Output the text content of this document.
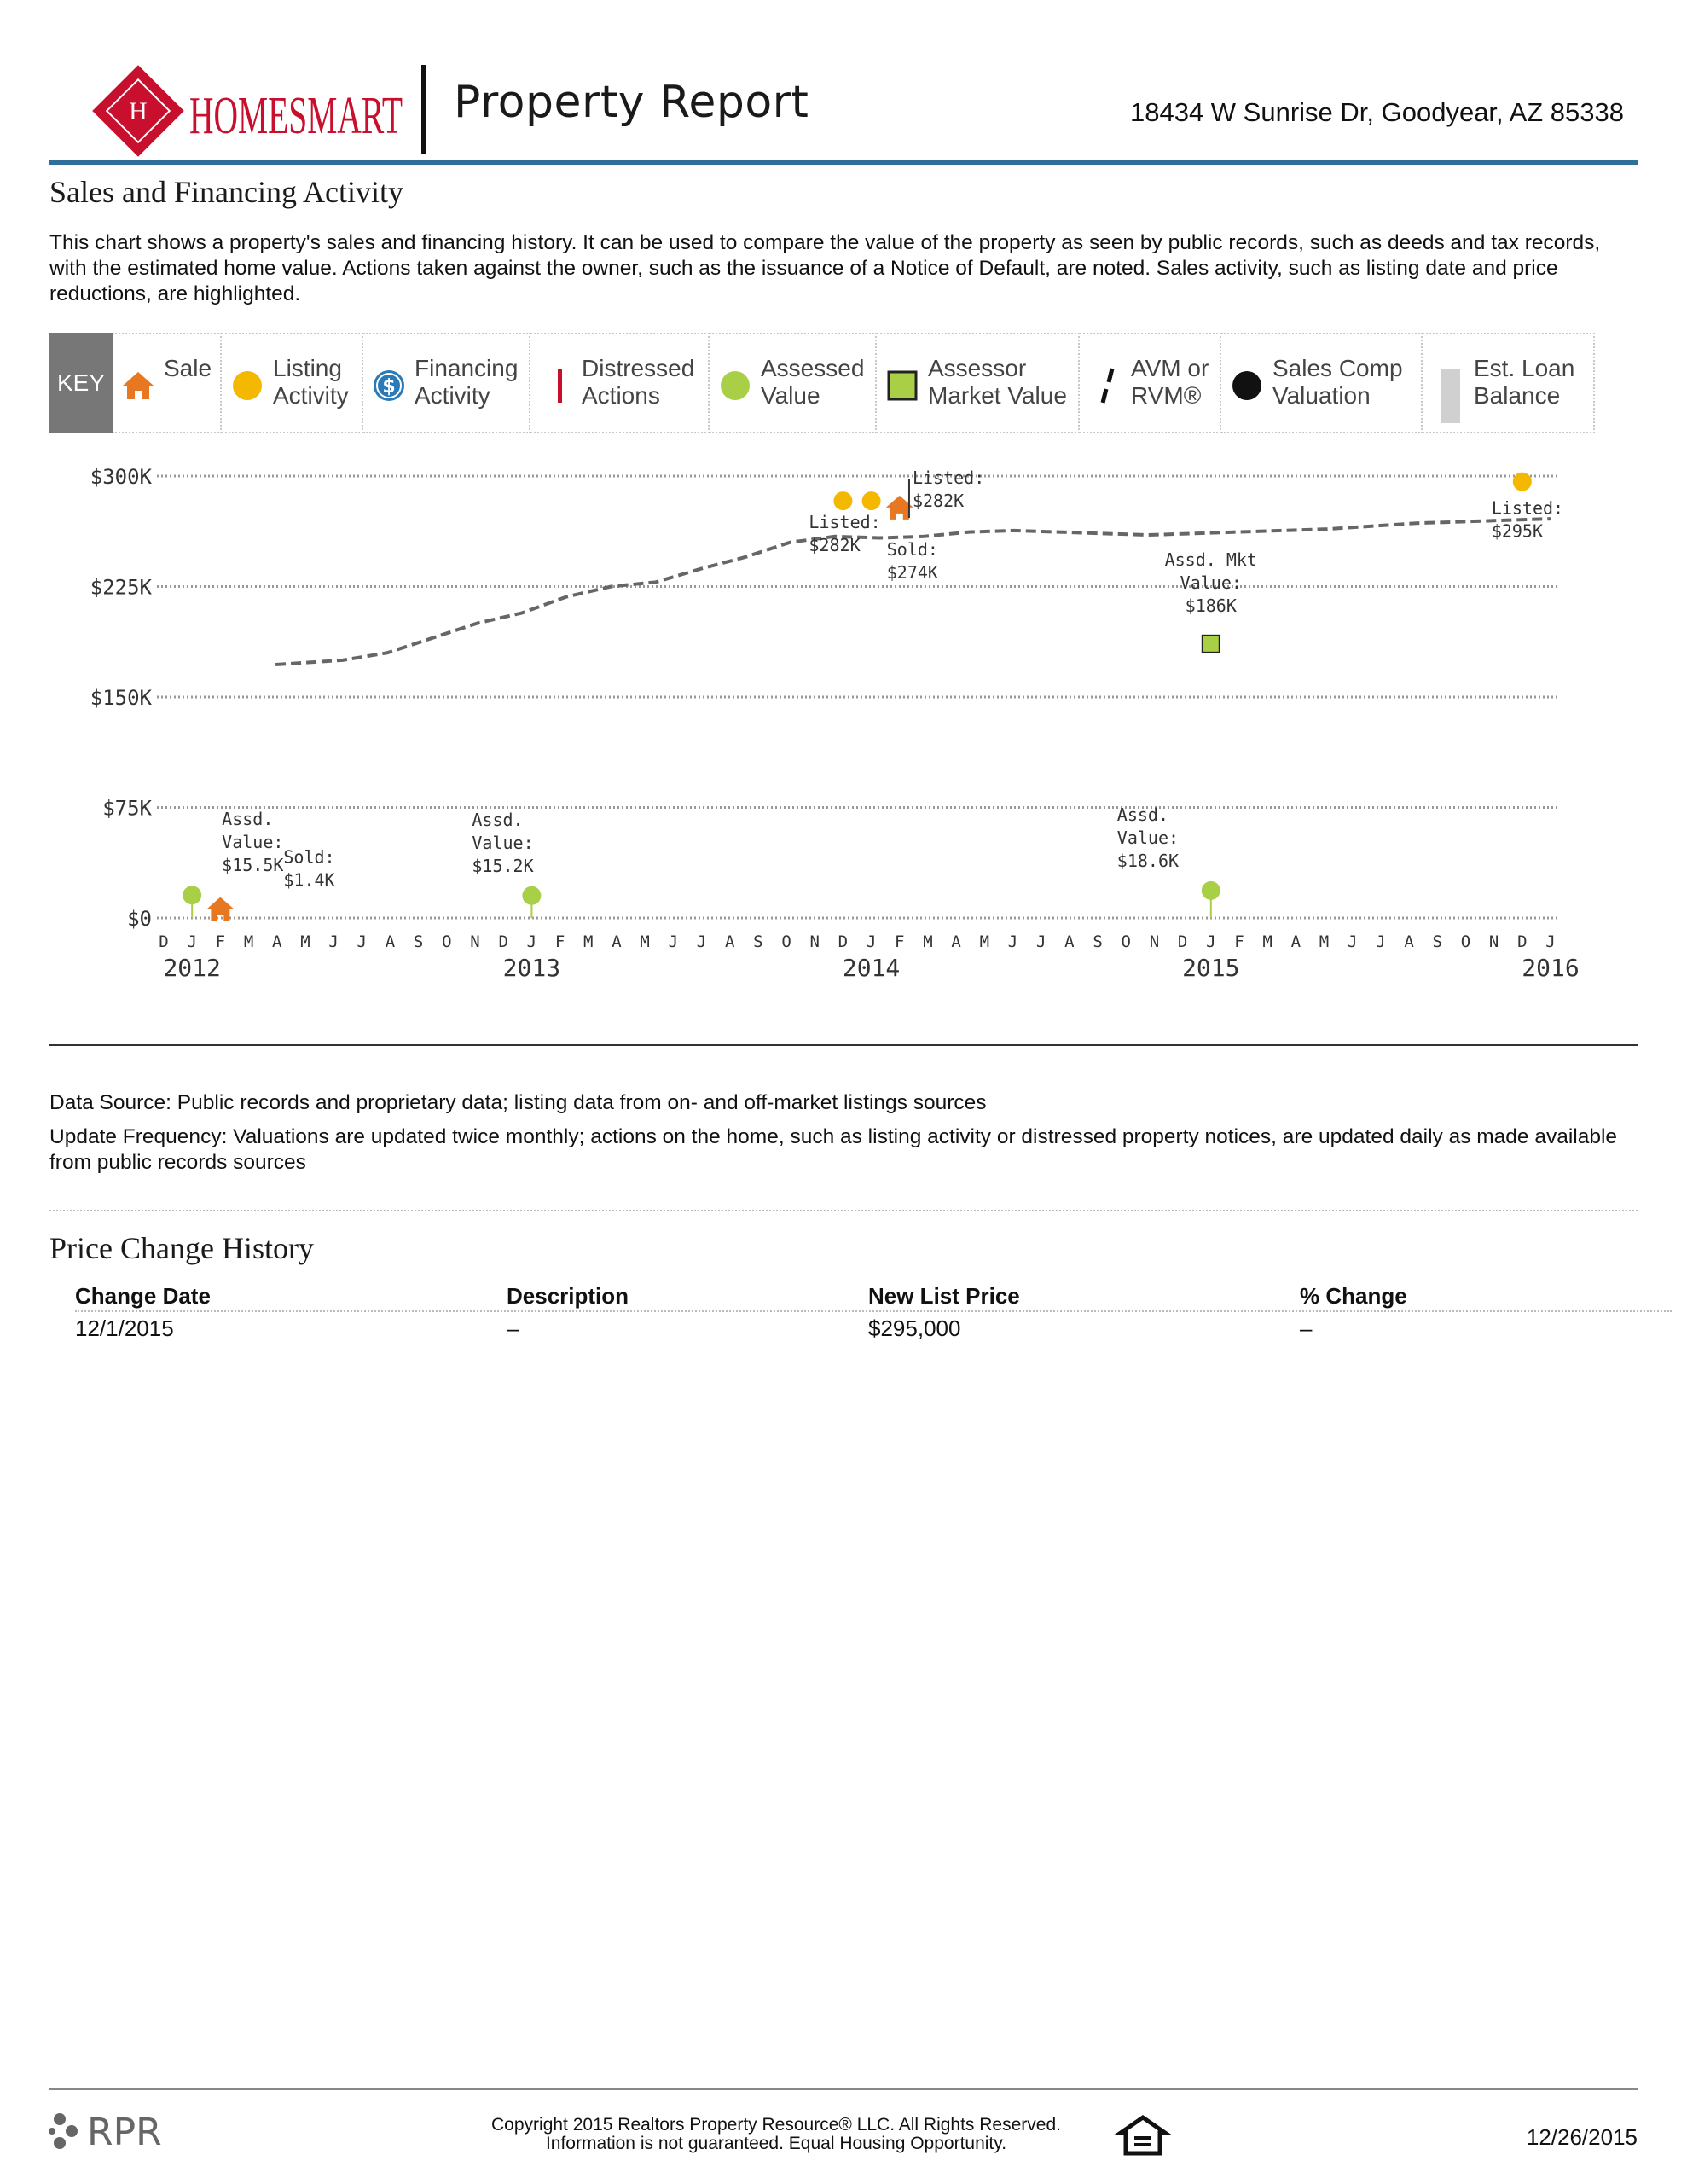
H HOMESMART Property Report	18434 W Sunrise Dr, Goodyear, AZ 85338
Sales and Financing Activity
This chart shows a property's sales and financing history. It can be used to compare the value of the property as seen by public records, such as deeds and tax records, with the estimated home value. Actions taken against the owner, such as the issuance of a Notice of Default, are noted. Sales activity, such as listing date and price reductions, are highlighted.
KEY
Sale	Listing
Activity $
Financing
Activity
Distressed
Actions
Assessed
Value
Assessor
Market Value
AVM or
RVM®
Sales Comp
Valuation
Est. Loan
Balance
$0
$75K
$150K
$225K
$300K
D J F M A M J J A S O N D J F M A M J J A S O N D J F M A M J J A S O N D J F M A M J J A S O N D J
2012	2013	2014	2015	2016
Assd. Value: $15.5K Sold: $1.4K
Assd. Value: $15.2K
Listed: $282K	Sold: $274K
Listed: $282K
Assd. Mkt Value: $186K
Assd. Value: $18.6K
Listed: $295K
Data Source: Public records and proprietary data; listing data from on- and off-market listings sources
Update Frequency: Valuations are updated twice monthly; actions on the home, such as listing activity or distressed property notices, are updated daily as made available from public records sources
Price Change History
Change Date	Description	New List Price	% Change
12/1/2015	–	$295,000	–
RPR	Copyright 2015 Realtors Property Resource® LLC. All Rights Reserved.
Information is not guaranteed. Equal Housing Opportunity.	12/26/2015
